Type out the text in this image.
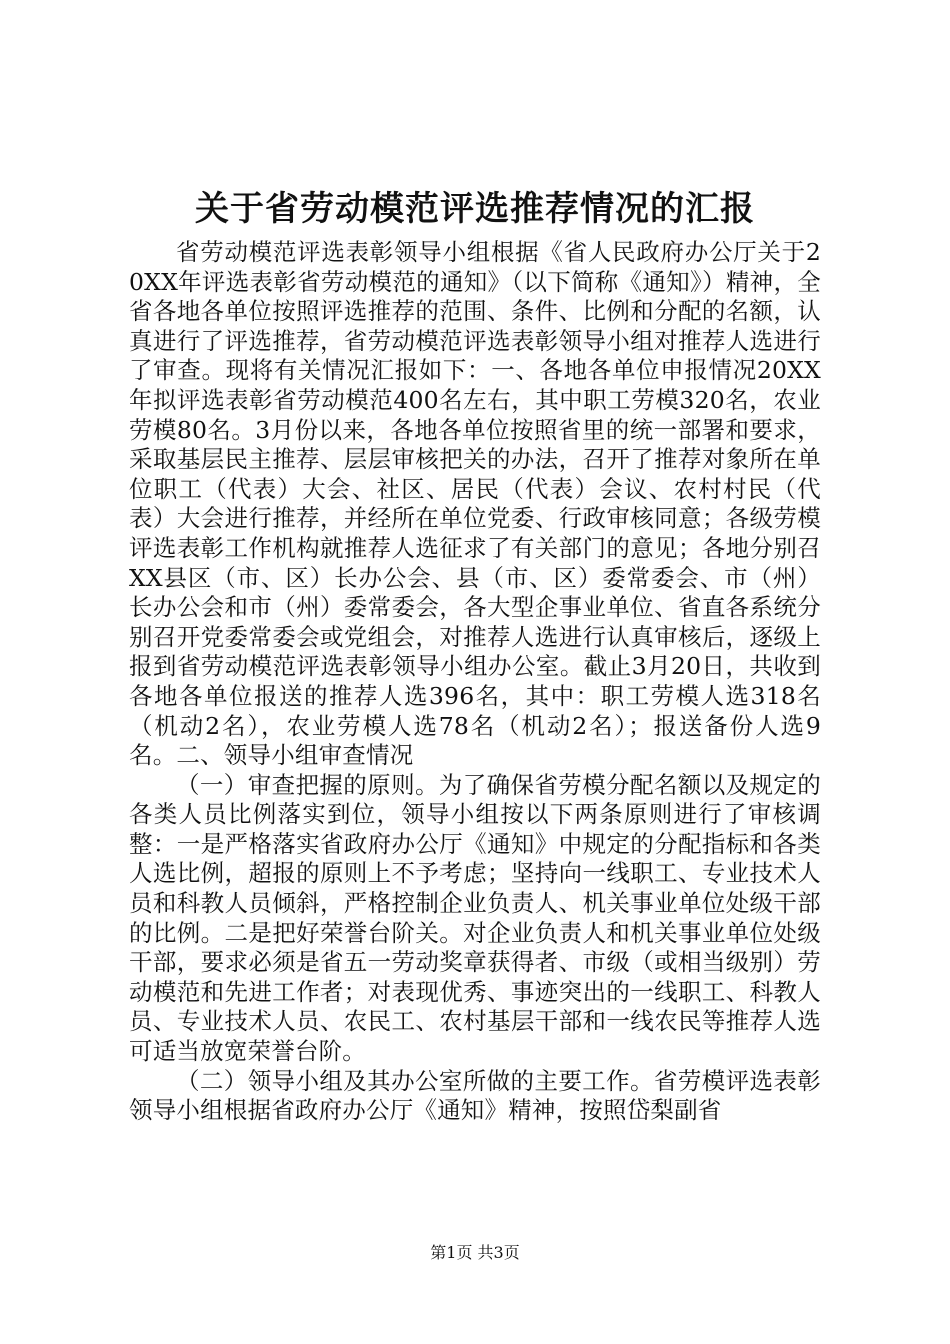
关于省劳动模范评选推荐情况的汇报

省劳动模范评选表彰领导小组根据《省人民政府办公厅关于20XX年评选表彰省劳动模范的通知》（以下简称《通知》）精神，全省各地各单位按照评选推荐的范围、条件、比例和分配的名额，认真进行了评选推荐，省劳动模范评选表彰领导小组对推荐人选进行了审查。现将有关情况汇报如下：一、各地各单位申报情况20XX年拟评选表彰省劳动模范400名左右，其中职工劳模320名，农业劳模80名。3月份以来，各地各单位按照省里的统一部署和要求，采取基层民主推荐、层层审核把关的办法，召开了推荐对象所在单位职工（代表）大会、社区、居民（代表）会议、农村村民（代表）大会进行推荐，并经所在单位党委、行政审核同意；各级劳模评选表彰工作机构就推荐人选征求了有关部门的意见；各地分别召XX县区（市、区）长办公会、县（市、区）委常委会、市（州）长办公会和市（州）委常委会，各大型企事业单位、省直各系统分别召开党委常委会或党组会，对推荐人选进行认真审核后，逐级上报到省劳动模范评选表彰领导小组办公室。截止3月20日，共收到各地各单位报送的推荐人选396名，其中：职工劳模人选318名（机动2名），农业劳模人选78名（机动2名）；报送备份人选9名。二、领导小组审查情况

（一）审查把握的原则。为了确保省劳模分配名额以及规定的各类人员比例落实到位，领导小组按以下两条原则进行了审核调整：一是严格落实省政府办公厅《通知》中规定的分配指标和各类人选比例，超报的原则上不予考虑；坚持向一线职工、专业技术人员和科教人员倾斜，严格控制企业负责人、机关事业单位处级干部的比例。二是把好荣誉台阶关。对企业负责人和机关事业单位处级干部，要求必须是省五一劳动奖章获得者、市级（或相当级别）劳动模范和先进工作者；对表现优秀、事迹突出的一线职工、科教人员、专业技术人员、农民工、农村基层干部和一线农民等推荐人选可适当放宽荣誉台阶。

（二）领导小组及其办公室所做的主要工作。省劳模评选表彰领导小组根据省政府办公厅《通知》精神，按照岱梨副省

第1页 共3页
